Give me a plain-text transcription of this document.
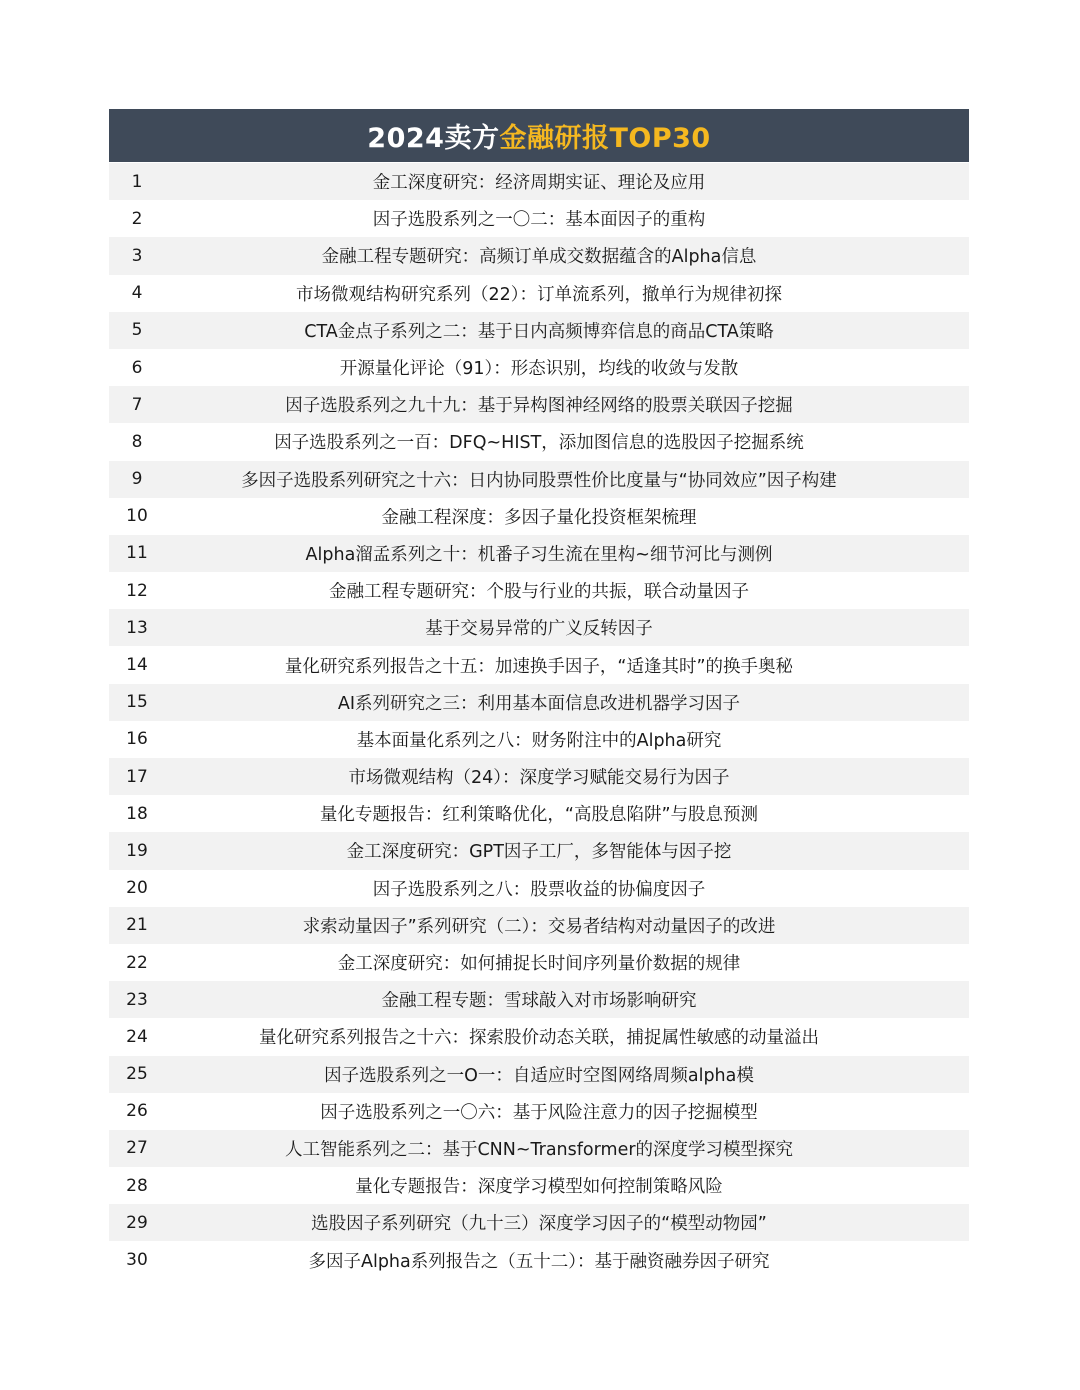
2024卖方 金融研报TOP30
1	金工深度研究：经济周期实证、理论及应用
2	因子选股系列之一〇二：基本面因子的重构
3	金融工程专题研究：高频订单成交数据蕴含的Alpha信息
4	市场微观结构研究系列（22）：订单流系列，撤单行为规律初探
5	CTA金点子系列之二：基于日内高频博弈信息的商品CTA策略
6	开源量化评论（91）：形态识别，均线的收敛与发散
7	因子选股系列之九十九：基于异构图神经网络的股票关联因子挖掘
8	因子选股系列之一百：DFQ~HIST，添加图信息的选股因子挖掘系统
9	多因子选股系列研究之十六：日内协同股票性价比度量与“协同效应”因子构建
10	金融工程深度：多因子量化投资框架梳理
11	Alpha溜孟系列之十：机番子习生流在里构~细节河比与测例
12	金融工程专题研究：个股与行业的共振，联合动量因子
13	基于交易异常的广义反转因子
14	量化研究系列报告之十五：加速换手因子，“适逢其时”的换手奥秘
15	AI系列研究之三：利用基本面信息改进机器学习因子
16	基本面量化系列之八：财务附注中的Alpha研究
17	市场微观结构（24）：深度学习赋能交易行为因子
18	量化专题报告：红利策略优化，“高股息陷阱”与股息预测
19	金工深度研究：GPT因子工厂，多智能体与因子挖
20	因子选股系列之八：股票收益的协偏度因子
21	求索动量因子”系列研究（二）：交易者结构对动量因子的改进
22	金工深度研究：如何捕捉长时间序列量价数据的规律
23	金融工程专题：雪球敲入对市场影响研究
24	量化研究系列报告之十六：探索股价动态关联，捕捉属性敏感的动量溢出
25	因子选股系列之一O一：自适应时空图网络周频alpha模
26	因子选股系列之一〇六：基于风险注意力的因子挖掘模型
27	人工智能系列之二：基于CNN~Transformer的深度学习模型探究
28	量化专题报告：深度学习模型如何控制策略风险
29	选股因子系列研究（九十三）深度学习因子的“模型动物园”
30	多因子Alpha系列报告之（五十二）：基于融资融券因子研究
